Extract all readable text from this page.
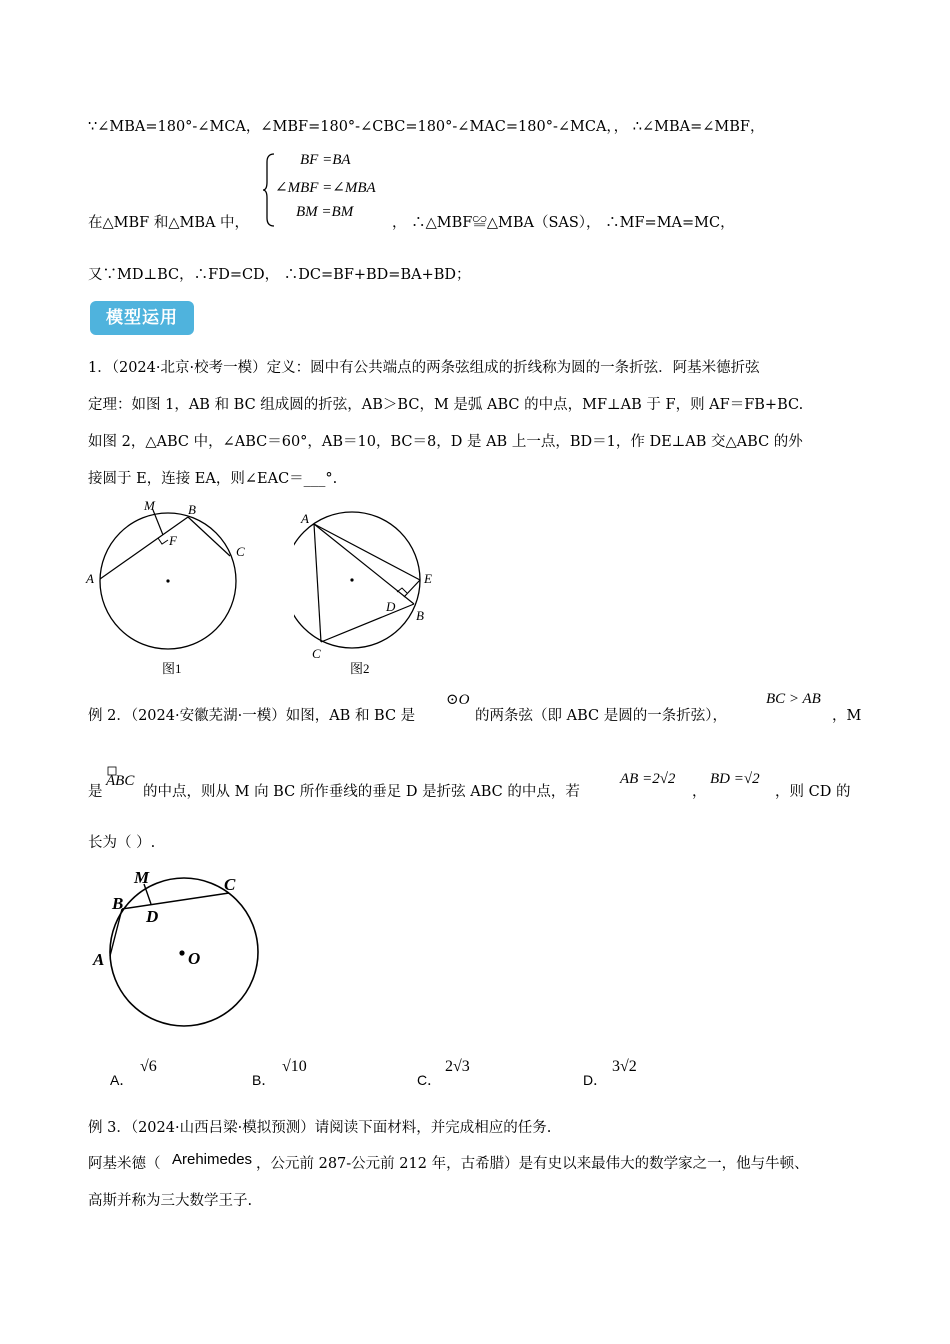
∵∠MBA=180°-∠MCA，∠MBF=180°-∠CBC=180°-∠MAC=180°-∠MCA，， ∴∠MBA=∠MBF，
BF =BA
∠MBF =∠MBA
BM =BM
在△MBF 和△MBA 中，	， ∴△MBF≌△MBA（SAS）， ∴MF=MA=MC，
又∵MD⊥BC，∴FD=CD， ∴DC=BF+BD=BA+BD；
模型运用
1．（2024·北京·校考一模）定义：圆中有公共端点的两条弦组成的折线称为圆的一条折弦．阿基米德折弦
定理：如图 1，AB 和 BC 组成圆的折弦，AB＞BC，M 是弧 ABC 的中点，MF⊥AB 于 F，则 AF＝FB+BC.
如图 2，△ABC 中，∠ABC＝60°，AB＝10，BC＝8，D 是 AB 上一点，BD＝1，作 DE⊥AB 交△ABC 的外
接圆于 E，连接 EA，则∠EAC＝___°.
M	B
F
C
A
图1
A
E
D
B
C
图2
例 2．（2024·安徽芜湖·一模）如图，AB 和 BC 是
⊙O
的两条弦（即 ABC 是圆的一条折弦），
BC > AB
，M
是
ABC
的中点，则从 M 向 BC 所作垂线的垂足 D 是折弦 ABC 的中点，若
AB =2√2
，
BD =√2
，则 CD 的
长为（ ）.
M	C
B
D
A	O
A．
√6
B．
√10
C．
2√3
D．
3√2
例 3．（2024·山西吕梁·模拟预测）请阅读下面材料，并完成相应的任务.
阿基米德（ Arehimedes ，公元前 287-公元前 212 年，古希腊）是有史以来最伟大的数学家之一，他与牛顿、
高斯并称为三大数学王子.
